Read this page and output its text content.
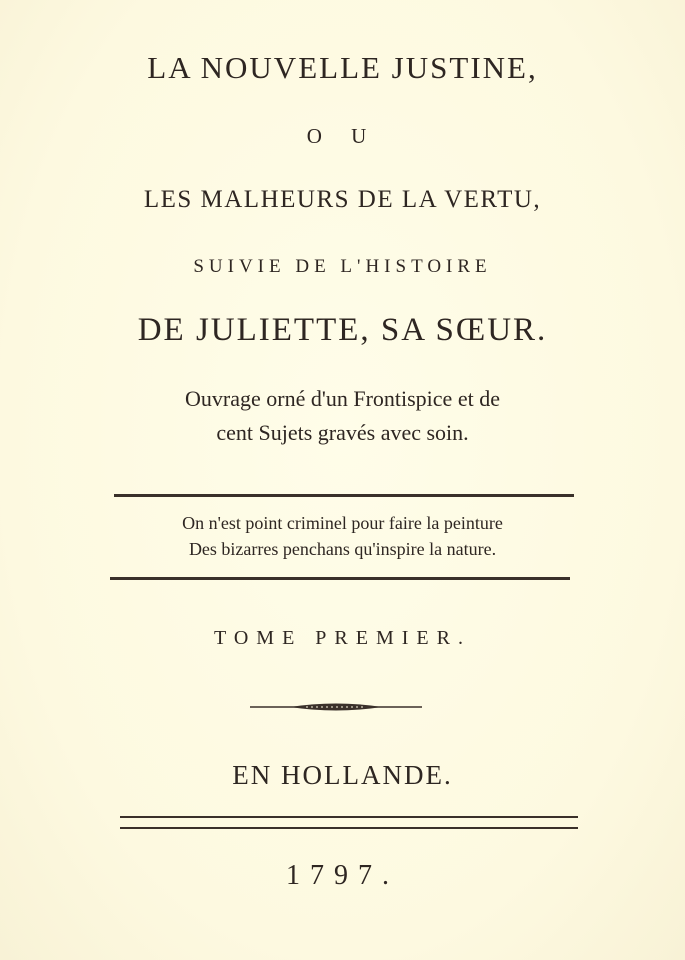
LA NOUVELLE JUSTINE,
O U
LES MALHEURS DE LA VERTU,
SUIVIE DE L'HISTOIRE
DE JULIETTE, SA SŒUR.
Ouvrage orné d'un Frontispice et de
cent Sujets gravés avec soin.
On n'est point criminel pour faire la peinture
Des bizarres penchans qu'inspire la nature.
TOME PREMIER.
EN HOLLANDE.
1797.
